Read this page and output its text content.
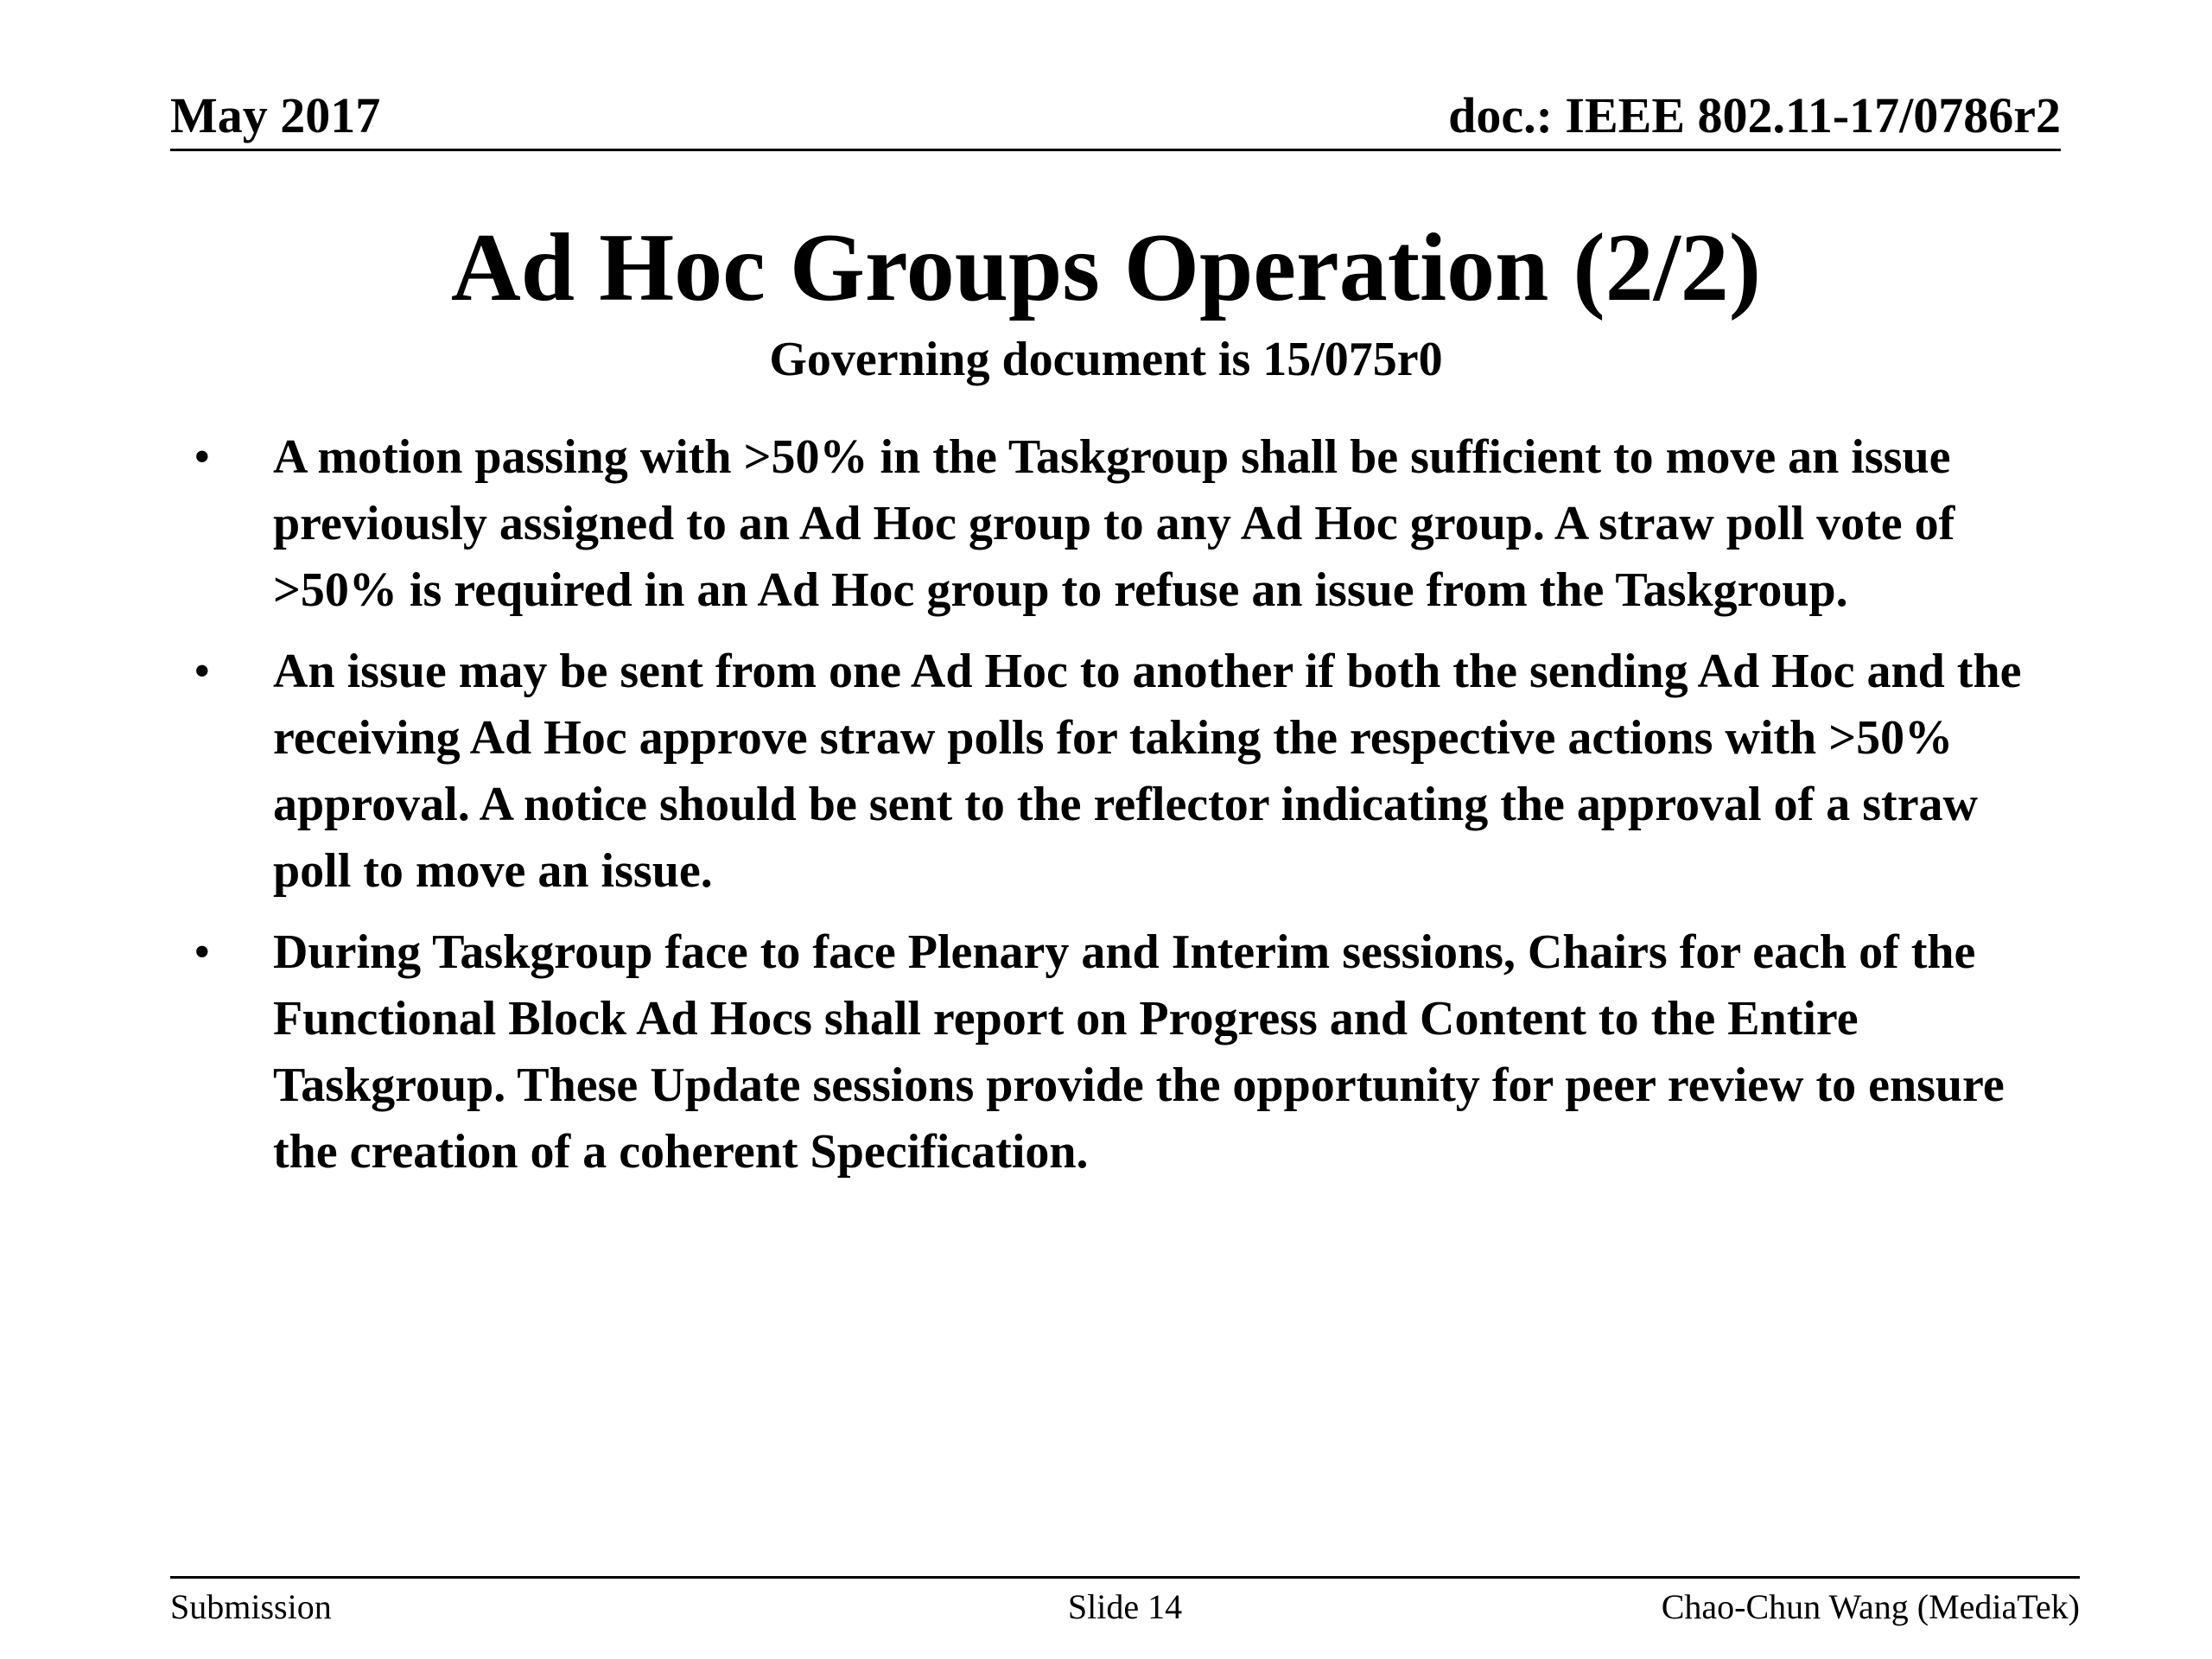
May 2017	doc.: IEEE 802.11-17/0786r2
Ad Hoc Groups Operation (2/2)
Governing document is 15/075r0
• A motion passing with >50% in the Taskgroup shall be sufficient to move an issue previously assigned to an Ad Hoc group to any Ad Hoc group. A straw poll vote of >50% is required in an Ad Hoc group to refuse an issue from the Taskgroup.
• An issue may be sent from one Ad Hoc to another if both the sending Ad Hoc and the receiving Ad Hoc approve straw polls for taking the respective actions with >50% approval. A notice should be sent to the reflector indicating the approval of a straw poll to move an issue.
• During Taskgroup face to face Plenary and Interim sessions, Chairs for each of the Functional Block Ad Hocs shall report on Progress and Content to the Entire Taskgroup. These Update sessions provide the opportunity for peer review to ensure the creation of a coherent Specification.
Submission	Slide 14	Chao-Chun Wang (MediaTek)
